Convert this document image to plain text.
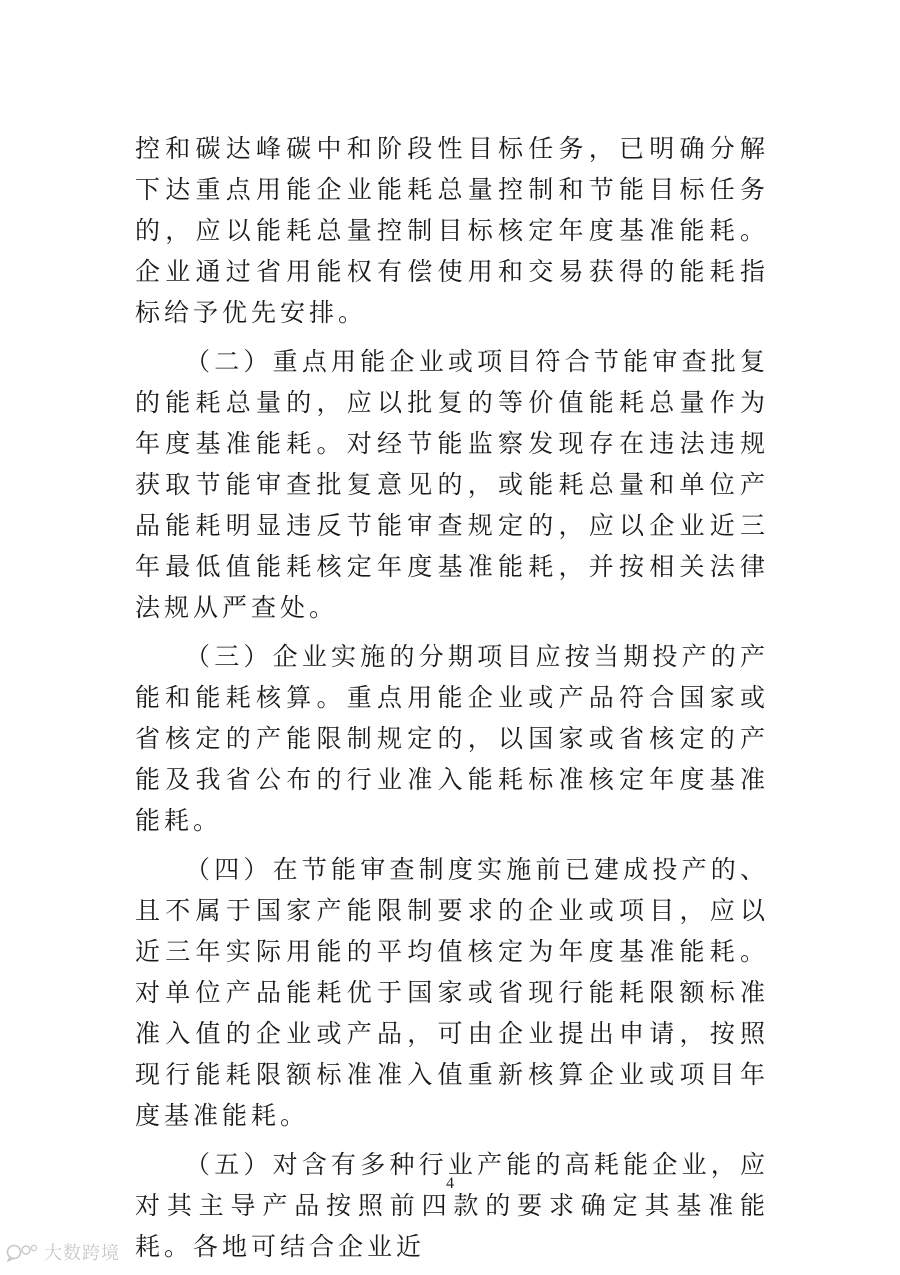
控和碳达峰碳中和阶段性目标任务，已明确分解下达重点用能企业能耗总量控制和节能目标任务的，应以能耗总量控制目标核定年度基准能耗。企业通过省用能权有偿使用和交易获得的能耗指标给予优先安排。

（二）重点用能企业或项目符合节能审查批复的能耗总量的，应以批复的等价值能耗总量作为年度基准能耗。对经节能监察发现存在违法违规获取节能审查批复意见的，或能耗总量和单位产品能耗明显违反节能审查规定的，应以企业近三年最低值能耗核定年度基准能耗，并按相关法律法规从严查处。

（三）企业实施的分期项目应按当期投产的产能和能耗核算。重点用能企业或产品符合国家或省核定的产能限制规定的，以国家或省核定的产能及我省公布的行业准入能耗标准核定年度基准能耗。

（四）在节能审查制度实施前已建成投产的、且不属于国家产能限制要求的企业或项目，应以近三年实际用能的平均值核定为年度基准能耗。对单位产品能耗优于国家或省现行能耗限额标准准入值的企业或产品，可由企业提出申请，按照现行能耗限额标准准入值重新核算企业或项目年度基准能耗。

（五）对含有多种行业产能的高耗能企业，应对其主导产品按照前四款的要求确定其基准能耗。各地可结合企业近

4
大数跨境
